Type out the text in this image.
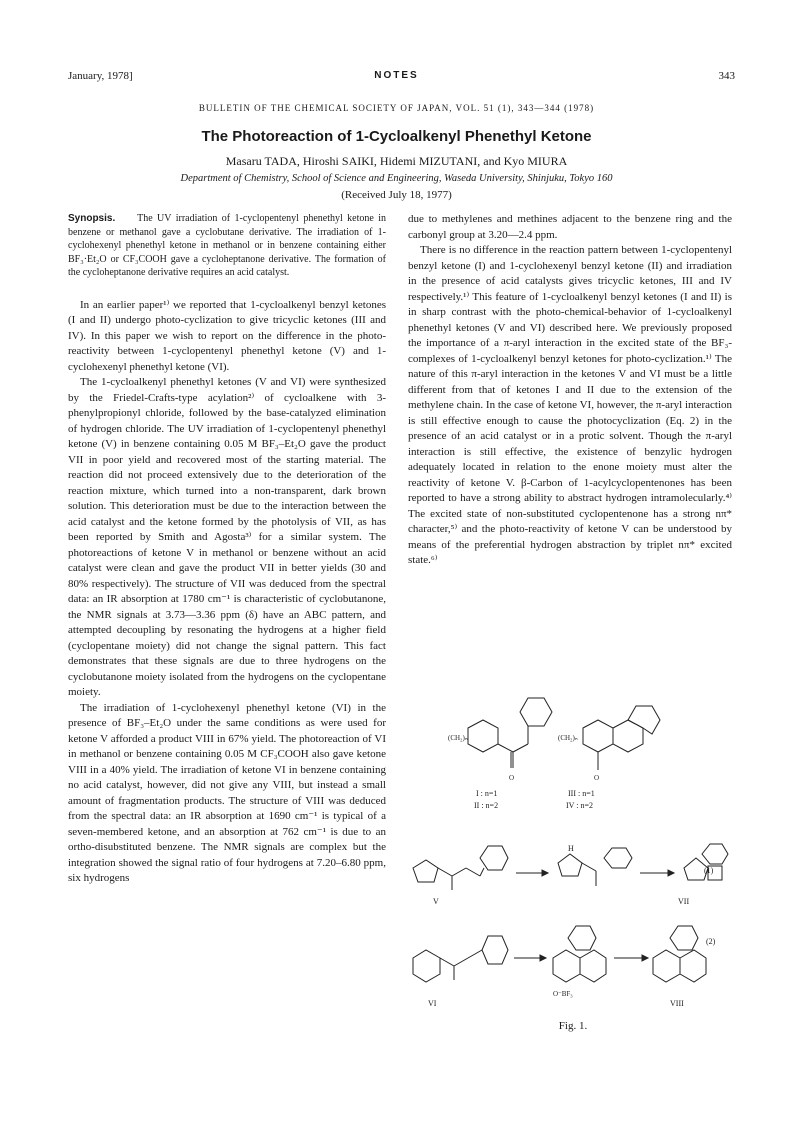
January, 1978]	NOTES	343
BULLETIN OF THE CHEMICAL SOCIETY OF JAPAN, VOL. 51 (1), 343—344 (1978)
The Photoreaction of 1-Cycloalkenyl Phenethyl Ketone
Masaru TADA, Hiroshi SAIKI, Hidemi MIZUTANI, and Kyo MIURA
Department of Chemistry, School of Science and Engineering, Waseda University, Shinjuku, Tokyo 160
(Received July 18, 1977)

Synopsis. The UV irradiation of 1-cyclopentenyl phenethyl ketone in benzene or methanol gave a cyclobutane derivative. The irradiation of 1-cyclohexenyl phenethyl ketone in methanol or in benzene containing either BF₃·Et₂O or CF₃COOH gave a cycloheptanone derivative. The formation of the cycloheptanone derivative requires an acid catalyst.

In an earlier paper¹⁾ we reported that 1-cycloalkenyl benzyl ketones (I and II) undergo photo-cyclization to give tricyclic ketones (III and IV). In this paper we wish to report on the difference in the photo-reactivity between 1-cyclopentenyl phenethyl ketone (V) and 1-cyclohexenyl phenethyl ketone (VI).

The 1-cycloalkenyl phenethyl ketones (V and VI) were synthesized by the Friedel-Crafts-type acylation²⁾ of cycloalkene with 3-phenylpropionyl chloride, followed by the base-catalyzed elimination of hydrogen chloride. The UV irradiation of 1-cyclopentenyl phenethyl ketone (V) in benzene containing 0.05 M BF₃–Et₂O gave the product VII in poor yield and recovered most of the starting material. The reaction did not proceed extensively due to the deterioration of the reaction mixture, which turned into a non-transparent, dark brown solution. This deterioration must be due to the interaction between the acid catalyst and the ketone formed by the photolysis of VII, as has been reported by Smith and Agosta³⁾ for a similar system. The photoreactions of ketone V in methanol or benzene without an acid catalyst were clean and gave the product VII in better yields (30 and 80% respectively). The structure of VII was deduced from the spectral data: an IR absorption at 1780 cm⁻¹ is characteristic of cyclobutanone, the NMR signals at 3.73—3.36 ppm (δ) have an ABC pattern, and attempted decoupling by resonating the hydrogens at a higher field (cyclopentane moiety) did not change the signal pattern. This fact demonstrates that these signals are due to three hydrogens on the cyclobutanone moiety isolated from the hydrogens on the cyclopentane moiety.

The irradiation of 1-cyclohexenyl phenethyl ketone (VI) in the presence of BF₃–Et₂O under the same conditions as were used for ketone V afforded a product VIII in 67% yield. The photoreaction of VI in methanol or benzene containing 0.05 M CF₃COOH also gave ketone VIII in a 40% yield. The irradiation of ketone VI in benzene containing no acid catalyst, however, did not give any VIII, but instead a small amount of fragmentation products. The structure of VIII was deduced from the spectral data: an IR absorption at 1690 cm⁻¹ is typical of a seven-membered ketone, and an absorption at 762 cm⁻¹ is due to an ortho-disubstituted benzene. The NMR signals are complex but the integration showed the signal ratio of four hydrogens at 7.20–6.80 ppm, six hydrogens

due to methylenes and methines adjacent to the benzene ring and the carbonyl group at 3.20—2.4 ppm.

There is no difference in the reaction pattern between 1-cyclopentenyl benzyl ketone (I) and 1-cyclohexenyl benzyl ketone (II) and irradiation in the presence of acid catalysts gives tricyclic ketones, III and IV respectively.¹⁾ This feature of 1-cycloalkenyl benzyl ketones (I and II) is in sharp contrast with the photo-chemical-behavior of 1-cycloalkenyl phenethyl ketones (V and VI) described here. We previously proposed the importance of a π-aryl interaction in the excited state of the BF₃-complexes of 1-cycloalkenyl benzyl ketones for photo-cyclization.¹⁾ The nature of this π-aryl interaction in the ketones V and VI must be a little different from that of ketones I and II due to the extension of the methylene chain. In the case of ketone VI, however, the π-aryl interaction is still effective enough to cause the photocyclization (Eq. 2) in the presence of an acid catalyst or in a protic solvent. Though the π-aryl interaction is still effective, the existence of benzylic hydrogen adequately located in relation to the enone moiety must alter the reactivity of ketone V. β-Carbon of 1-acylcyclopentenones has been reported to have a strong ability to abstract hydrogen intramolecularly.⁴⁾ The excited state of non-substituted cyclopentenone has a strong nπ* character,⁵⁾ and the photo-reactivity of ketone V can be understood by means of the preferential hydrogen abstraction by triplet nπ* excited state.⁶⁾

(CH₂)ₙ
O
I : n=1
II : n=2
(CH₂)ₙ
O
III : n=1
IV : n=2
H
V	VII
(1)
O⁻BF₃
VI	VIII
(2)
Fig. 1.
